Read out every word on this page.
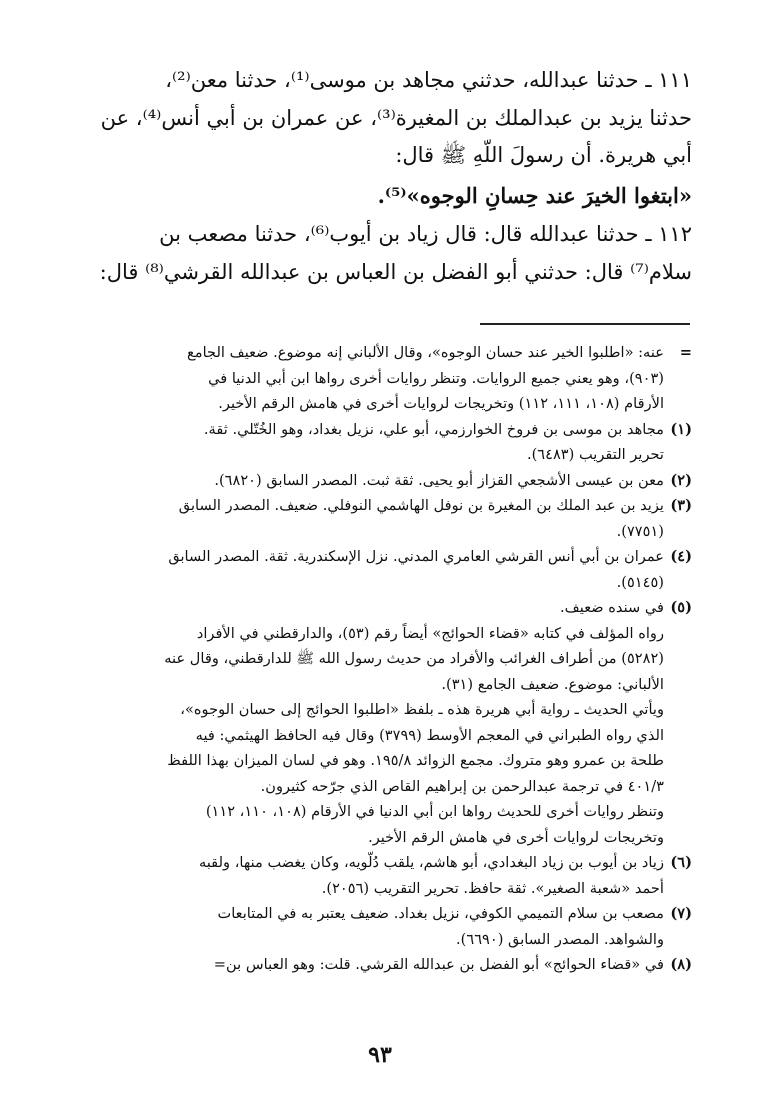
١١١ ـ حدثنا عبدالله، حدثني مجاهد بن موسى⁽¹⁾، حدثنا معن⁽²⁾،

حدثنا يزيد بن عبدالملك بن المغيرة⁽³⁾، عن عمران بن أبي أنس⁽⁴⁾، عن

أبي هريرة. أن رسولَ اللّهِ ﷺ قال:

«ابتغوا الخيرَ عند حِسانِ الوجوه»⁽⁵⁾.

١١٢ ـ حدثنا عبدالله قال: قال زياد بن أيوب⁽⁶⁾، حدثنا مصعب بن

سلام⁽⁷⁾ قال: حدثني أبو الفضل بن العباس بن عبدالله القرشي⁽⁸⁾ قال:

=
عنه: «اطلبوا الخير عند حسان الوجوه»، وقال الألباني إنه موضوع. ضعيف الجامع
(٩٠٣)، وهو يعني جميع الروايات. وتنظر روايات أخرى رواها ابن أبي الدنيا في
الأرقام (١٠٨، ١١١، ١١٢) وتخريجات لروايات أخرى في هامش الرقم الأخير.
(١)
مجاهد بن موسى بن فروخ الخوارزمي، أبو علي، نزيل بغداد، وهو الخُتّلي. ثقة.
تحرير التقريب (٦٤٨٣).
(٢)
معن بن عيسى الأشجعي القزاز أبو يحيى. ثقة ثبت. المصدر السابق (٦٨٢٠).
(٣)
يزيد بن عبد الملك بن المغيرة بن نوفل الهاشمي النوفلي. ضعيف. المصدر السابق
(٧٧٥١).
(٤)
عمران بن أبي أنس القرشي العامري المدني. نزل الإسكندرية. ثقة. المصدر السابق
(٥١٤٥).
(٥)
في سنده ضعيف.
رواه المؤلف في كتابه «قضاء الحوائج» أيضاً رقم (٥٣)، والدارقطني في الأفراد
(٥٢٨٢) من أطراف الغرائب والأفراد من حديث رسول الله ﷺ للدارقطني، وقال عنه
الألباني: موضوع. ضعيف الجامع (٣١).
ويأتي الحديث ـ رواية أبي هريرة هذه ـ بلفظ «اطلبوا الحوائج إلى حسان الوجوه»،
الذي رواه الطبراني في المعجم الأوسط (٣٧٩٩) وقال فيه الحافظ الهيثمي: فيه
طلحة بن عمرو وهو متروك. مجمع الزوائد ١٩٥/٨. وهو في لسان الميزان بهذا اللفظ
٤٠١/٣ في ترجمة عبدالرحمن بن إبراهيم القاص الذي جرّحه كثيرون.
وتنظر روايات أخرى للحديث رواها ابن أبي الدنيا في الأرقام (١٠٨، ١١٠، ١١٢)
وتخريجات لروايات أخرى في هامش الرقم الأخير.
(٦)
زياد بن أيوب بن زياد البغدادي، أبو هاشم، يلقب دُلّويه، وكان يغضب منها، ولقبه
أحمد «شعبة الصغير». ثقة حافظ. تحرير التقريب (٢٠٥٦).
(٧)
مصعب بن سلام التميمي الكوفي، نزيل بغداد. ضعيف يعتبر به في المتابعات
والشواهد. المصدر السابق (٦٦٩٠).
(٨)
في «قضاء الحوائج» أبو الفضل بن عبدالله القرشي. قلت: وهو العباس بن=
٩٣
